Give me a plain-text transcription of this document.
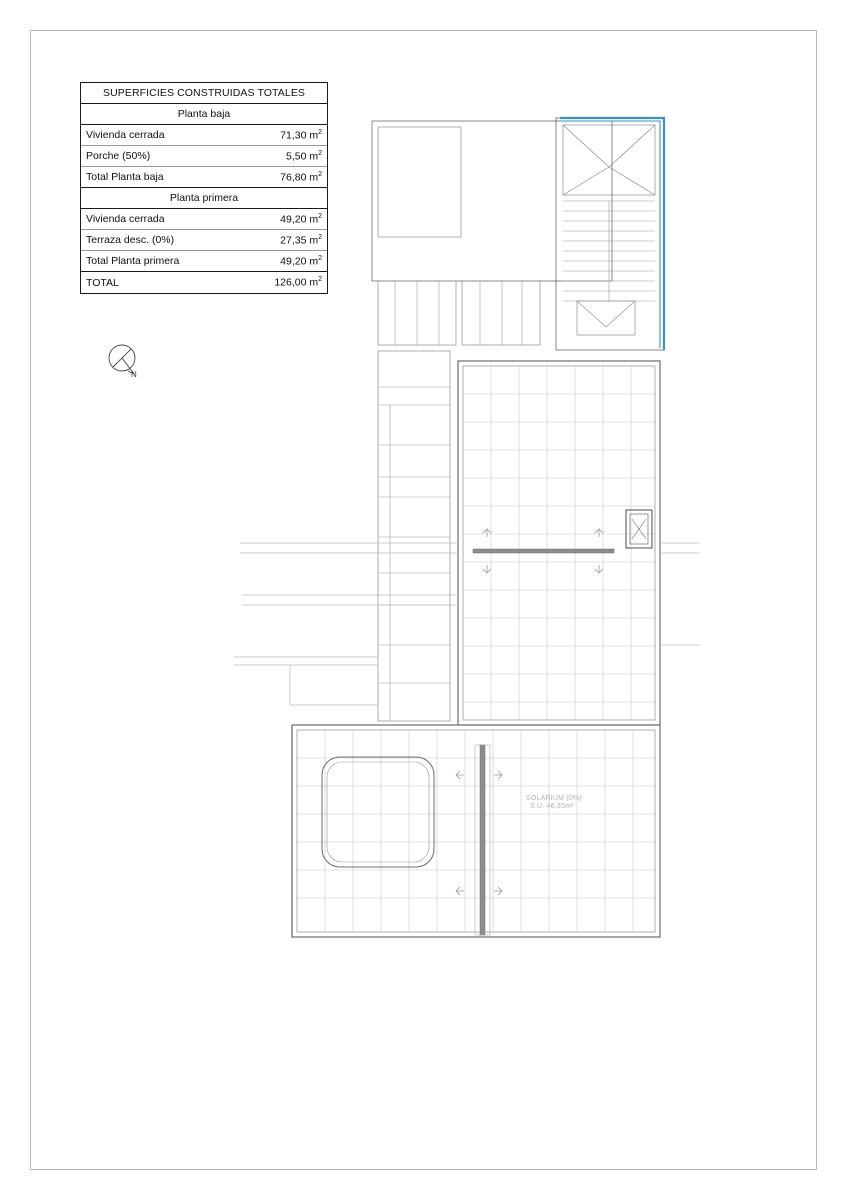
SUPERFICIES CONSTRUIDAS TOTALES
Planta baja
Vivienda cerrada	71,30 $m^2$
Porche (50%)	5,50 $m^2$
Total Planta baja	76,80 $m^2$
Planta primera
Vivienda cerrada	49,20 $m^2$
Terraza desc. (0%)	27,35 $m^2$
Total Planta primera	49,20 $m^2$
TOTAL	126,00 $m^2$
N
SOLARIUM (0%)
S.U. 46,35m²
